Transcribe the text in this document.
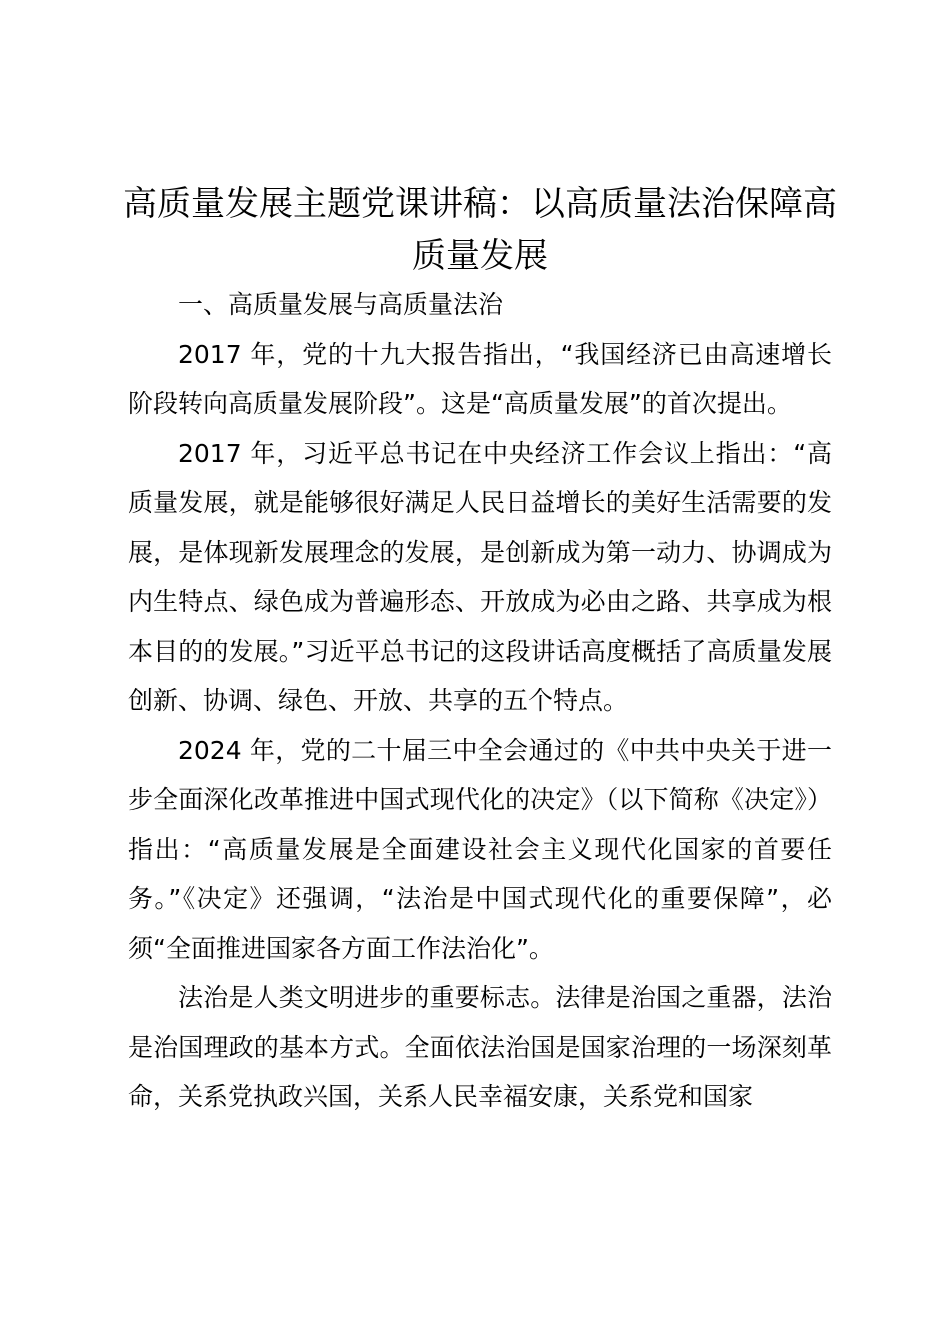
高质量发展主题党课讲稿：以高质量法治保障高质量发展

一、高质量发展与高质量法治

2017 年，党的十九大报告指出，“我国经济已由高速增长阶段转向高质量发展阶段”。这是“高质量发展”的首次提出。

2017 年，习近平总书记在中央经济工作会议上指出：“高质量发展，就是能够很好满足人民日益增长的美好生活需要的发展，是体现新发展理念的发展，是创新成为第一动力、协调成为内生特点、绿色成为普遍形态、开放成为必由之路、共享成为根本目的的发展。”习近平总书记的这段讲话高度概括了高质量发展创新、协调、绿色、开放、共享的五个特点。

2024 年，党的二十届三中全会通过的《中共中央关于进一步全面深化改革推进中国式现代化的决定》（以下简称《决定》）指出：“高质量发展是全面建设社会主义现代化国家的首要任务。”《决定》还强调，“法治是中国式现代化的重要保障”，必须“全面推进国家各方面工作法治化”。

法治是人类文明进步的重要标志。法律是治国之重器，法治是治国理政的基本方式。全面依法治国是国家治理的一场深刻革命，关系党执政兴国，关系人民幸福安康，关系党和国家
